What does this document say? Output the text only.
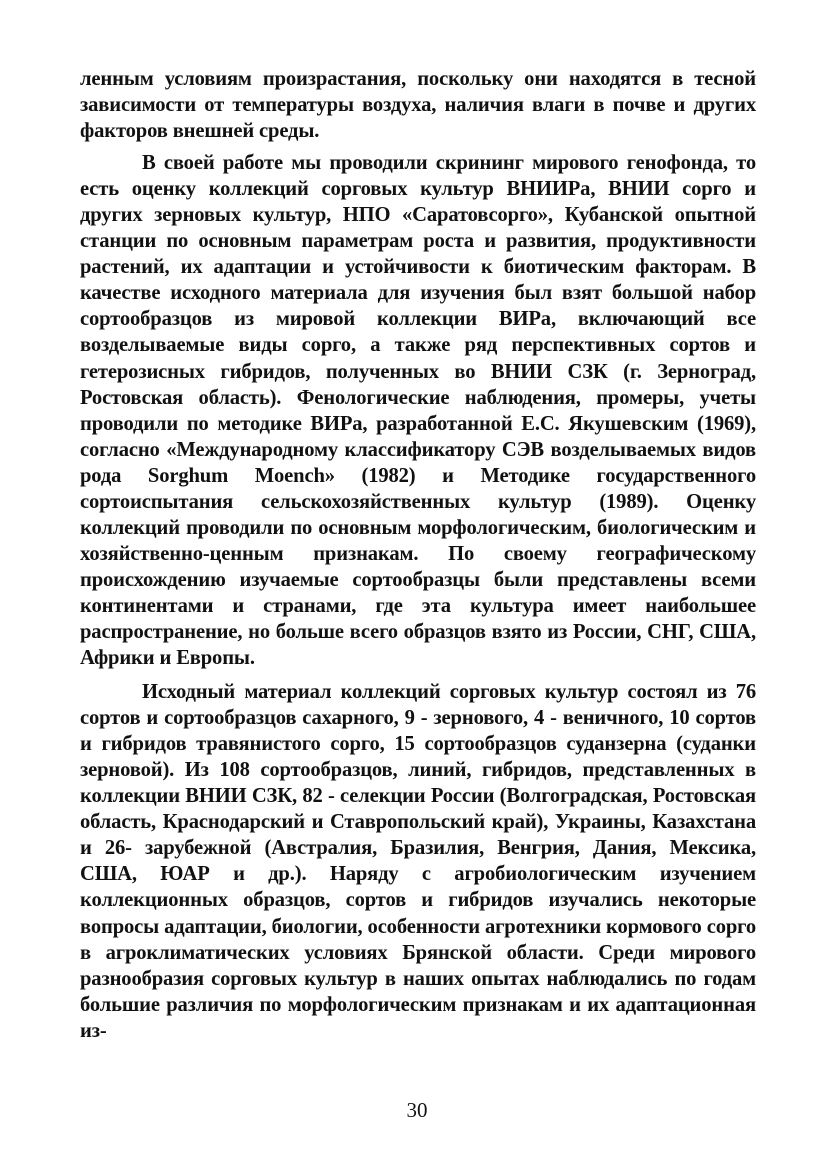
ленным условиям произрастания, поскольку они находятся в тесной зависимости от температуры воздуха, наличия влаги в почве и других факторов внешней среды.

В своей работе мы проводили скрининг мирового генофонда, то есть оценку коллекций сорговых культур ВНИИРа, ВНИИ сорго и других зерновых культур, НПО «Саратовсорго», Кубанской опытной станции по основным параметрам роста и развития, продуктивности растений, их адаптации и устойчивости к биотическим факторам. В качестве исходного материала для изучения был взят большой набор сортообразцов из мировой коллекции ВИРа, включающий все возделываемые виды сорго, а также ряд перспективных сортов и гетерозисных гибридов, полученных во ВНИИ СЗК (г. Зерноград, Ростовская область). Фенологические наблюдения, промеры, учеты проводили по методике ВИРа, разработанной Е.С. Якушевским (1969), согласно «Международному классификатору СЭВ возделываемых видов рода Sorghum Moench» (1982) и Методике государственного сортоиспытания сельскохозяйственных культур (1989). Оценку коллекций проводили по основным морфологическим, биологическим и хозяйственно-ценным признакам. По своему географическому происхождению изучаемые сортообразцы были представлены всеми континентами и странами, где эта культура имеет наибольшее распространение, но больше всего образцов взято из России, СНГ, США, Африки и Европы.

Исходный материал коллекций сорговых культур состоял из 76 сортов и сортообразцов сахарного, 9 - зернового, 4 - веничного, 10 сортов и гибридов травянистого сорго, 15 сортообразцов суданзерна (суданки зерновой). Из 108 сортообразцов, линий, гибридов, представленных в коллекции ВНИИ СЗК, 82 - селекции России (Волгоградская, Ростовская область, Краснодарский и Ставропольский край), Украины, Казахстана и 26- зарубежной (Австралия, Бразилия, Венгрия, Дания, Мексика, США, ЮАР и др.). Наряду с агробиологическим изучением коллекционных образцов, сортов и гибридов изучались некоторые вопросы адаптации, биологии, особенности агротехники кормового сорго в агроклиматических условиях Брянской области. Среди мирового разнообразия сорговых культур в наших опытах наблюдались по годам большие различия по морфологическим признакам и их адаптационная из-

30
